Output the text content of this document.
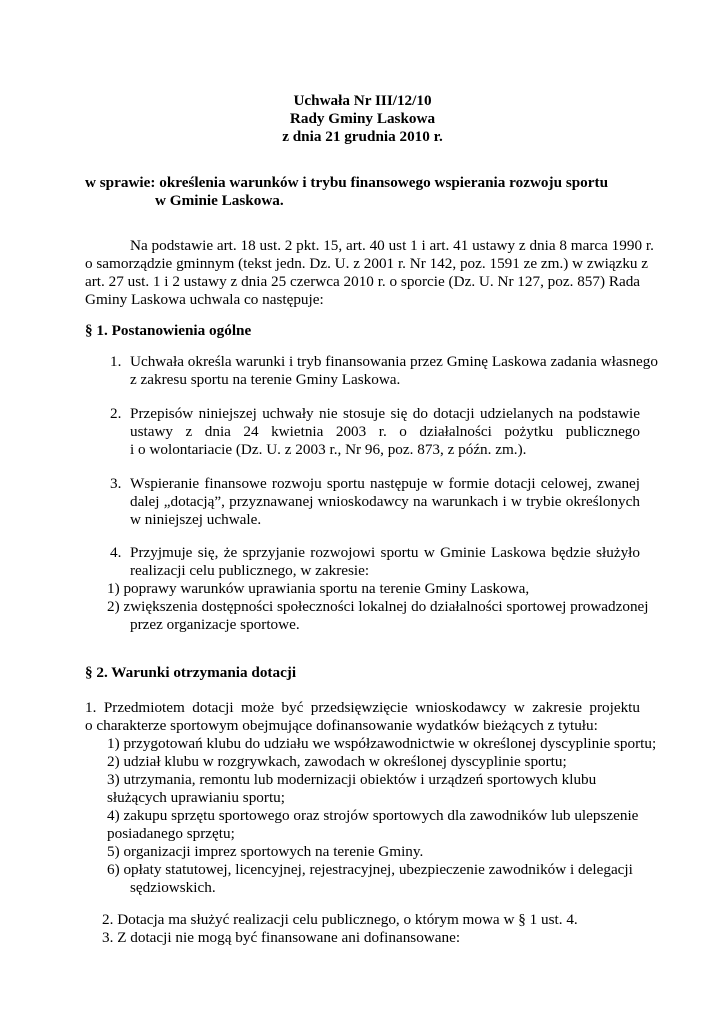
Uchwała Nr III/12/10
Rady Gminy Laskowa
z dnia 21 grudnia 2010 r.
w sprawie: określenia warunków i trybu finansowego wspierania rozwoju sportu
w Gminie Laskowa.
Na podstawie art. 18 ust. 2 pkt. 15, art. 40 ust 1 i art. 41 ustawy z dnia 8 marca 1990 r.
o samorządzie gminnym (tekst jedn. Dz. U. z 2001 r. Nr 142, poz. 1591 ze zm.) w związku z
art. 27 ust. 1 i 2 ustawy z dnia 25 czerwca 2010 r. o sporcie (Dz. U. Nr 127, poz. 857) Rada
Gminy Laskowa uchwala co następuje:
§ 1. Postanowienia ogólne
1. Uchwała określa warunki i tryb finansowania przez Gminę Laskowa zadania własnego
z zakresu sportu na terenie Gminy Laskowa.
2. Przepisów niniejszej uchwały nie stosuje się do dotacji udzielanych na podstawie
ustawy z dnia 24 kwietnia 2003 r. o działalności pożytku publicznego
i o wolontariacie (Dz. U. z 2003 r., Nr 96, poz. 873, z późn. zm.).
3. Wspieranie finansowe rozwoju sportu następuje w formie dotacji celowej, zwanej
dalej „dotacją”, przyznawanej wnioskodawcy na warunkach i w trybie określonych
w niniejszej uchwale.
4. Przyjmuje się, że sprzyjanie rozwojowi sportu w Gminie Laskowa będzie służyło
realizacji celu publicznego, w zakresie:
1) poprawy warunków uprawiania sportu na terenie Gminy Laskowa,
2) zwiększenia dostępności społeczności lokalnej do działalności sportowej prowadzonej
przez organizacje sportowe.
§ 2. Warunki otrzymania dotacji
1. Przedmiotem dotacji może być przedsięwzięcie wnioskodawcy w zakresie projektu
o charakterze sportowym obejmujące dofinansowanie wydatków bieżących z tytułu:
1) przygotowań klubu do udziału we współzawodnictwie w określonej dyscyplinie sportu;
2) udział klubu w rozgrywkach, zawodach w określonej dyscyplinie sportu;
3) utrzymania, remontu lub modernizacji obiektów i urządzeń sportowych klubu
służących uprawianiu sportu;
4) zakupu sprzętu sportowego oraz strojów sportowych dla zawodników lub ulepszenie
posiadanego sprzętu;
5) organizacji imprez sportowych na terenie Gminy.
6) opłaty statutowej, licencyjnej, rejestracyjnej, ubezpieczenie zawodników i delegacji
sędziowskich.
2. Dotacja ma służyć realizacji celu publicznego, o którym mowa w § 1 ust. 4.
3. Z dotacji nie mogą być finansowane ani dofinansowane:
